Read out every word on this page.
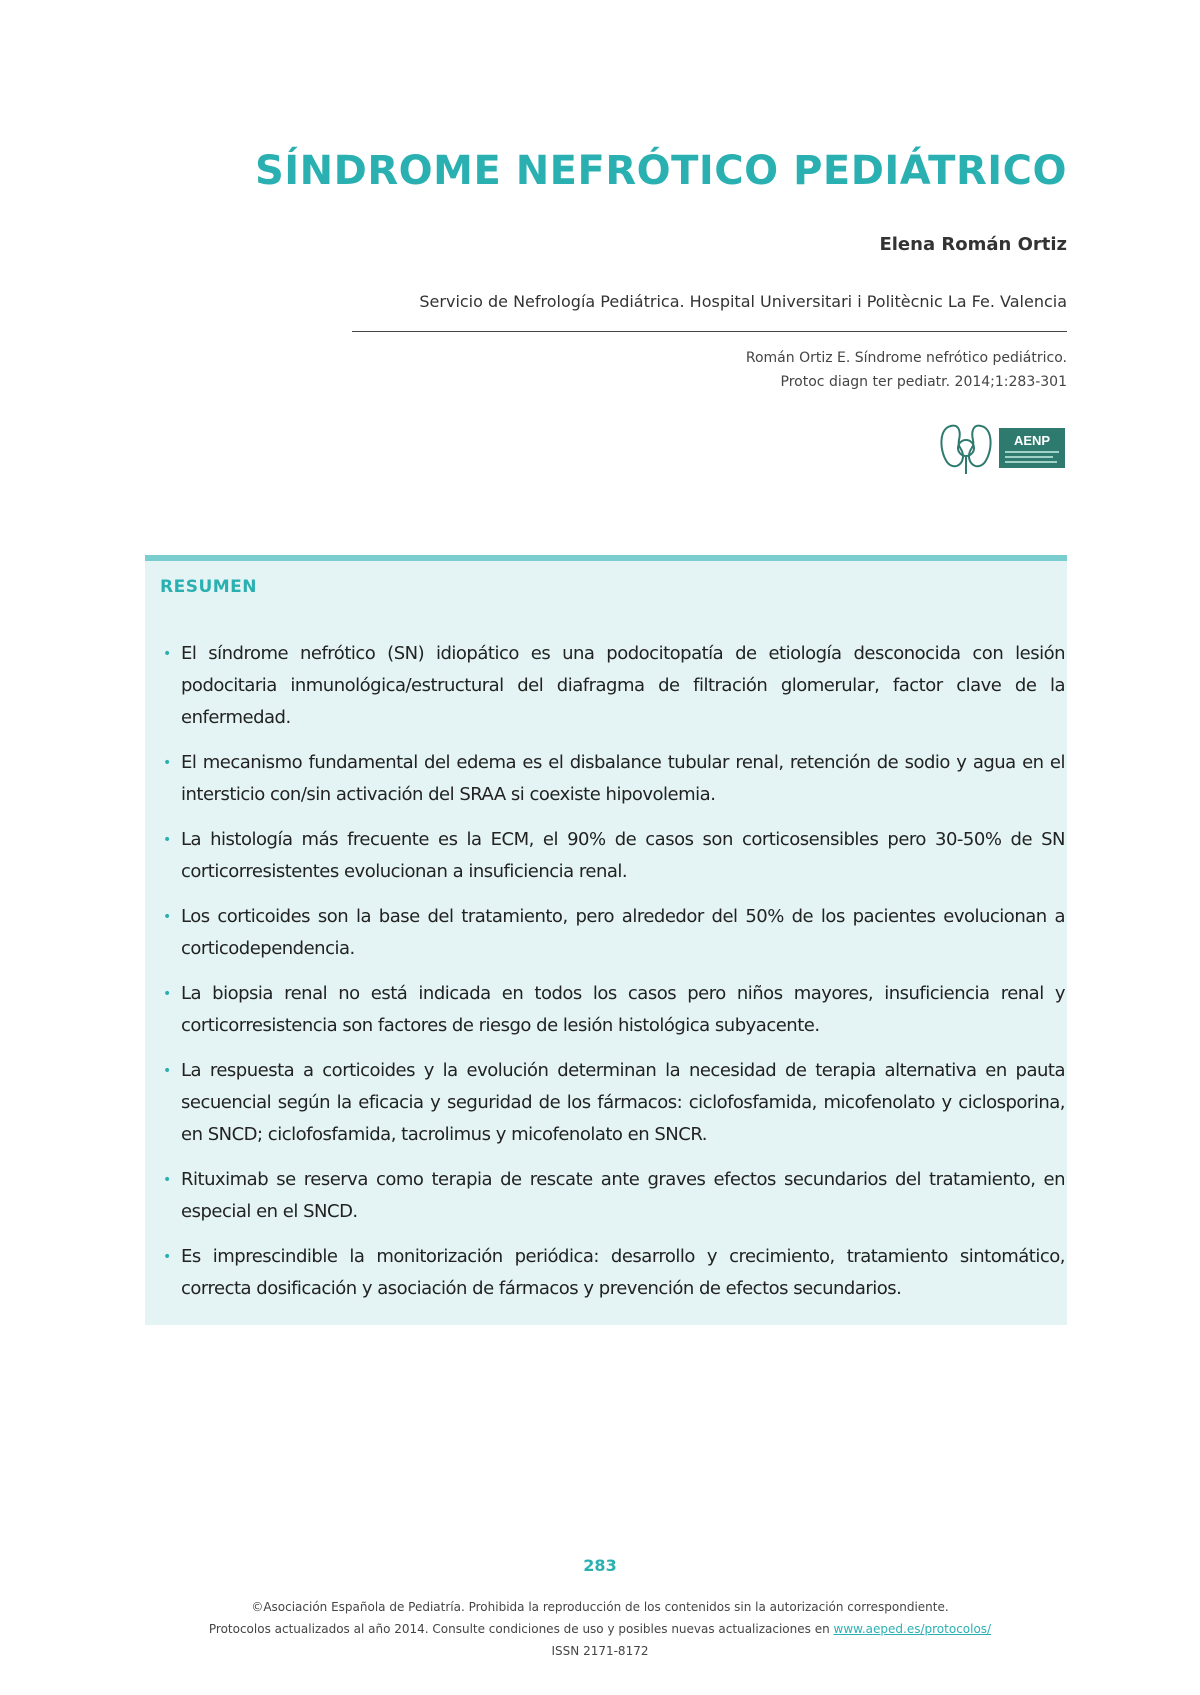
SÍNDROME NEFRÓTICO PEDIÁTRICO
Elena Román Ortiz
Servicio de Nefrología Pediátrica. Hospital Universitari i Politècnic La Fe. Valencia
Román Ortiz E. Síndrome nefrótico pediátrico.
Protoc diagn ter pediatr. 2014;1:283-301
AENP
RESUMEN
• El síndrome nefrótico (SN) idiopático es una podocitopatía de etiología desconocida con lesión podocitaria inmunológica/estructural del diafragma de filtración glomerular, factor clave de la enfermedad.
• El mecanismo fundamental del edema es el disbalance tubular renal, retención de sodio y agua en el intersticio con/sin activación del SRAA si coexiste hipovolemia.
• La histología más frecuente es la ECM, el 90% de casos son corticosensibles pero 30-50% de SN corticorresistentes evolucionan a insuficiencia renal.
• Los corticoides son la base del tratamiento, pero alrededor del 50% de los pacientes evolucionan a corticodependencia.
• La biopsia renal no está indicada en todos los casos pero niños mayores, insuficiencia renal y corticorresistencia son factores de riesgo de lesión histológica subyacente.
• La respuesta a corticoides y la evolución determinan la necesidad de terapia alternativa en pauta secuencial según la eficacia y seguridad de los fármacos: ciclofosfamida, micofenolato y ciclosporina, en SNCD; ciclofosfamida, tacrolimus y micofenolato en SNCR.
• Rituximab se reserva como terapia de rescate ante graves efectos secundarios del tratamiento, en especial en el SNCD.
• Es imprescindible la monitorización periódica: desarrollo y crecimiento, tratamiento sintomático, correcta dosificación y asociación de fármacos y prevención de efectos secundarios.
283
©Asociación Española de Pediatría. Prohibida la reproducción de los contenidos sin la autorización correspondiente.
Protocolos actualizados al año 2014. Consulte condiciones de uso y posibles nuevas actualizaciones en www.aeped.es/protocolos/
ISSN 2171-8172
